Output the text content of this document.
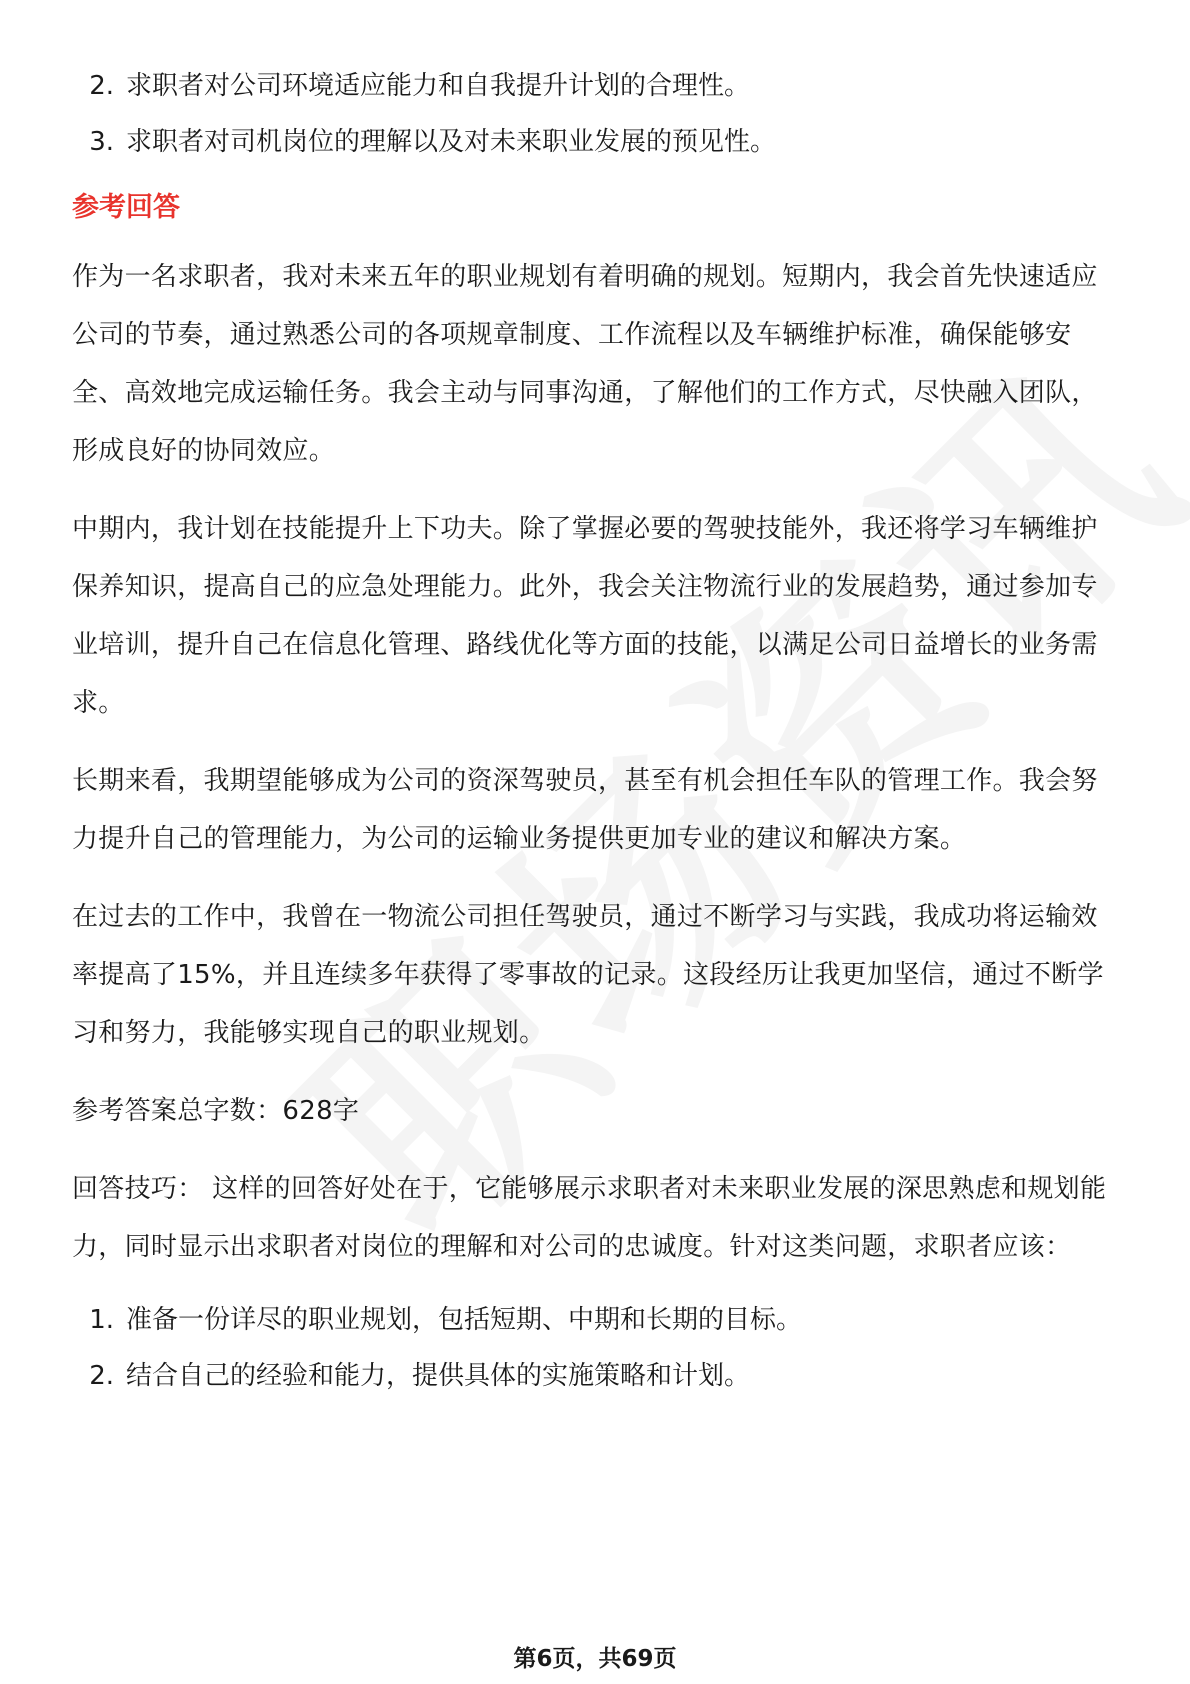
2. 求职者对公司环境适应能力和自我提升计划的合理性。
3. 求职者对司机岗位的理解以及对未来职业发展的预见性。
参考回答

作为一名求职者，我对未来五年的职业规划有着明确的规划。短期内，我会首先快速适应公司的节奏，通过熟悉公司的各项规章制度、工作流程以及车辆维护标准，确保能够安全、高效地完成运输任务。我会主动与同事沟通，了解他们的工作方式，尽快融入团队，形成良好的协同效应。

中期内，我计划在技能提升上下功夫。除了掌握必要的驾驶技能外，我还将学习车辆维护保养知识，提高自己的应急处理能力。此外，我会关注物流行业的发展趋势，通过参加专业培训，提升自己在信息化管理、路线优化等方面的技能，以满足公司日益增长的业务需求。

长期来看，我期望能够成为公司的资深驾驶员，甚至有机会担任车队的管理工作。我会努力提升自己的管理能力，为公司的运输业务提供更加专业的建议和解决方案。

在过去的工作中，我曾在一物流公司担任驾驶员，通过不断学习与实践，我成功将运输效率提高了15%，并且连续多年获得了零事故的记录。这段经历让我更加坚信，通过不断学习和努力，我能够实现自己的职业规划。

参考答案总字数：628字

回答技巧： 这样的回答好处在于，它能够展示求职者对未来职业发展的深思熟虑和规划能力，同时显示出求职者对岗位的理解和对公司的忠诚度。针对这类问题，求职者应该：

1. 准备一份详尽的职业规划，包括短期、中期和长期的目标。
2. 结合自己的经验和能力，提供具体的实施策略和计划。
第6页，共69页
